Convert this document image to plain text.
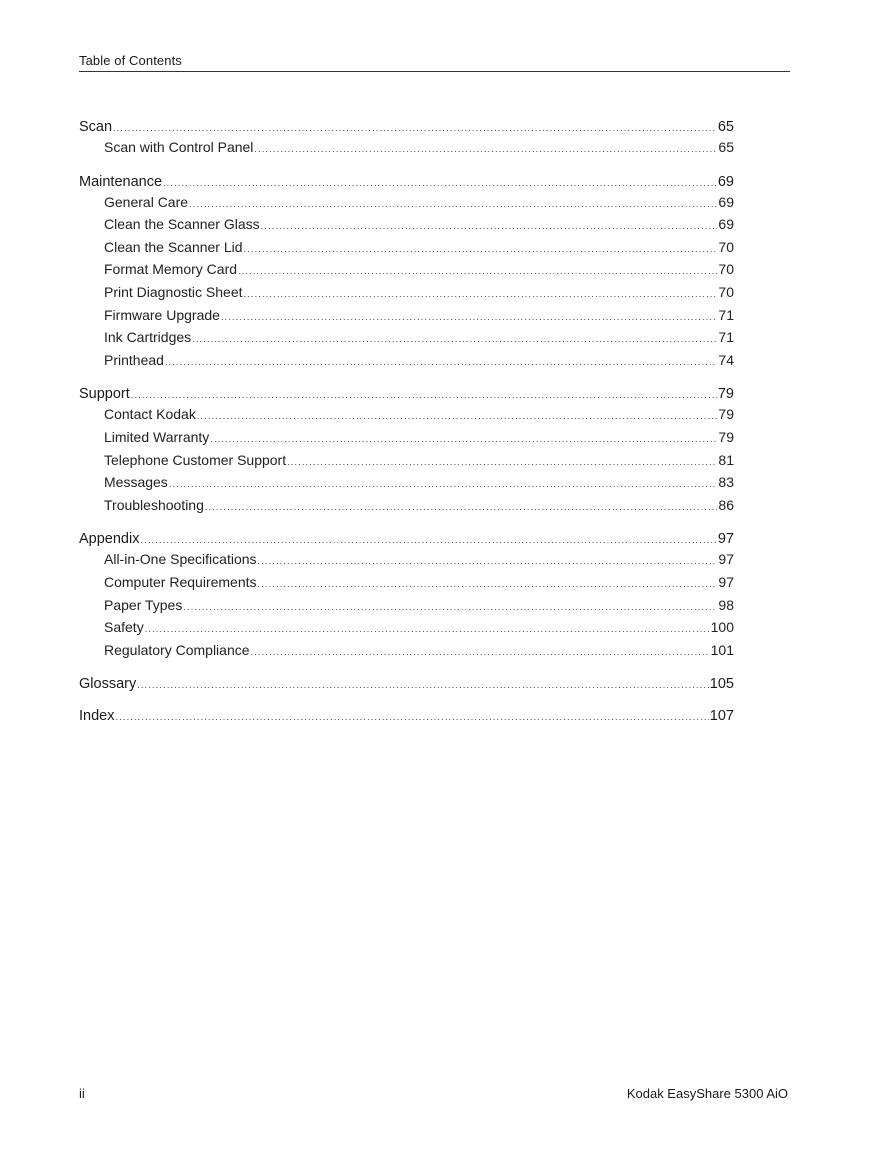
Table of Contents
Scan .....	65
Scan with Control Panel .....	65
Maintenance .....	69
General Care .....	69
Clean the Scanner Glass .....	69
Clean the Scanner Lid .....	70
Format Memory Card .....	70
Print Diagnostic Sheet .....	70
Firmware Upgrade .....	71
Ink Cartridges .....	71
Printhead .....	74
Support .....	79
Contact Kodak .....	79
Limited Warranty .....	79
Telephone Customer Support .....	81
Messages .....	83
Troubleshooting .....	86
Appendix .....	97
All-in-One Specifications .....	97
Computer Requirements .....	97
Paper Types .....	98
Safety .....	100
Regulatory Compliance .....	101
Glossary .....	105
Index .....	107
ii	Kodak EasyShare 5300 AiO
